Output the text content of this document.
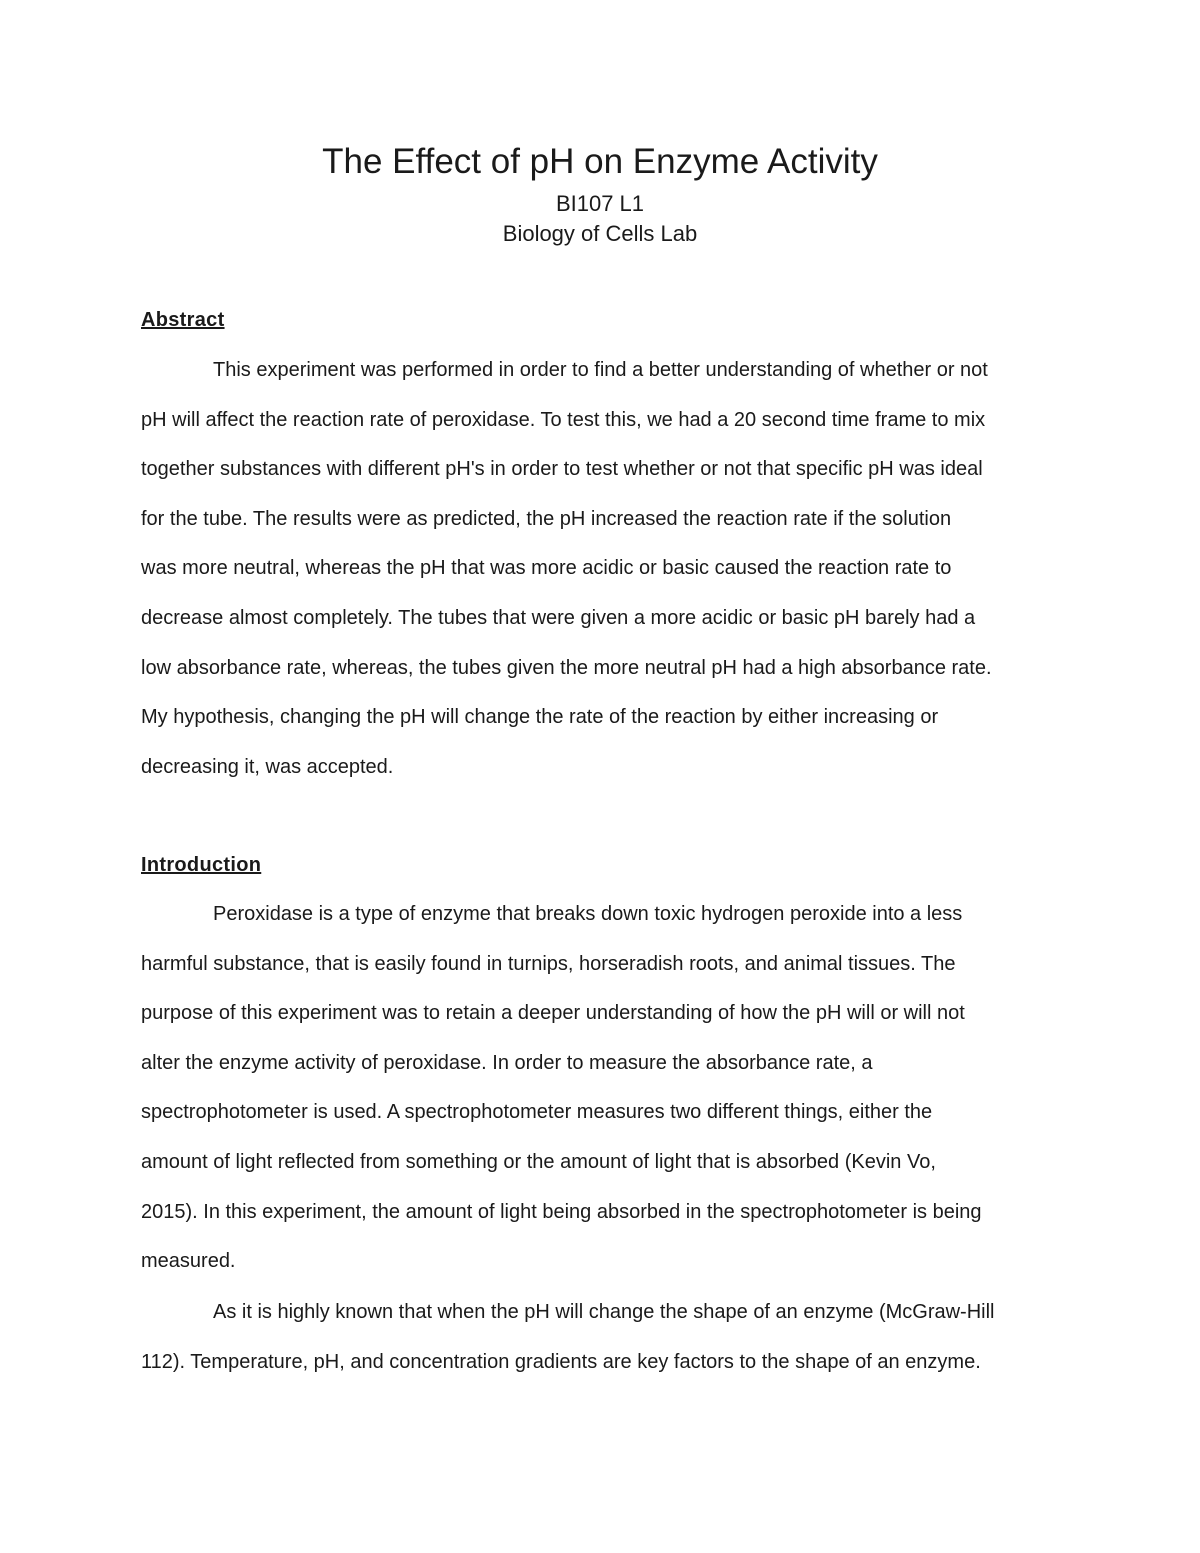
The Effect of pH on Enzyme Activity

BI107 L1

Biology of Cells Lab

Abstract
This experiment was performed in order to find a better understanding of whether or not
pH will affect the reaction rate of peroxidase. To test this, we had a 20 second time frame to mix
together substances with different pH's in order to test whether or not that specific pH was ideal
for the tube. The results were as predicted, the pH increased the reaction rate if the solution
was more neutral, whereas the pH that was more acidic or basic caused the reaction rate to
decrease almost completely. The tubes that were given a more acidic or basic pH barely had a
low absorbance rate, whereas, the tubes given the more neutral pH had a high absorbance rate.
My hypothesis, changing the pH will change the rate of the reaction by either increasing or
decreasing it, was accepted.
Introduction
Peroxidase is a type of enzyme that breaks down toxic hydrogen peroxide into a less
harmful substance, that is easily found in turnips, horseradish roots, and animal tissues. The
purpose of this experiment was to retain a deeper understanding of how the pH will or will not
alter the enzyme activity of peroxidase. In order to measure the absorbance rate, a
spectrophotometer is used. A spectrophotometer measures two different things, either the
amount of light reflected from something or the amount of light that is absorbed (Kevin Vo,
2015). In this experiment, the amount of light being absorbed in the spectrophotometer is being
measured.
As it is highly known that when the pH will change the shape of an enzyme (McGraw-Hill
112). Temperature, pH, and concentration gradients are key factors to the shape of an enzyme.
